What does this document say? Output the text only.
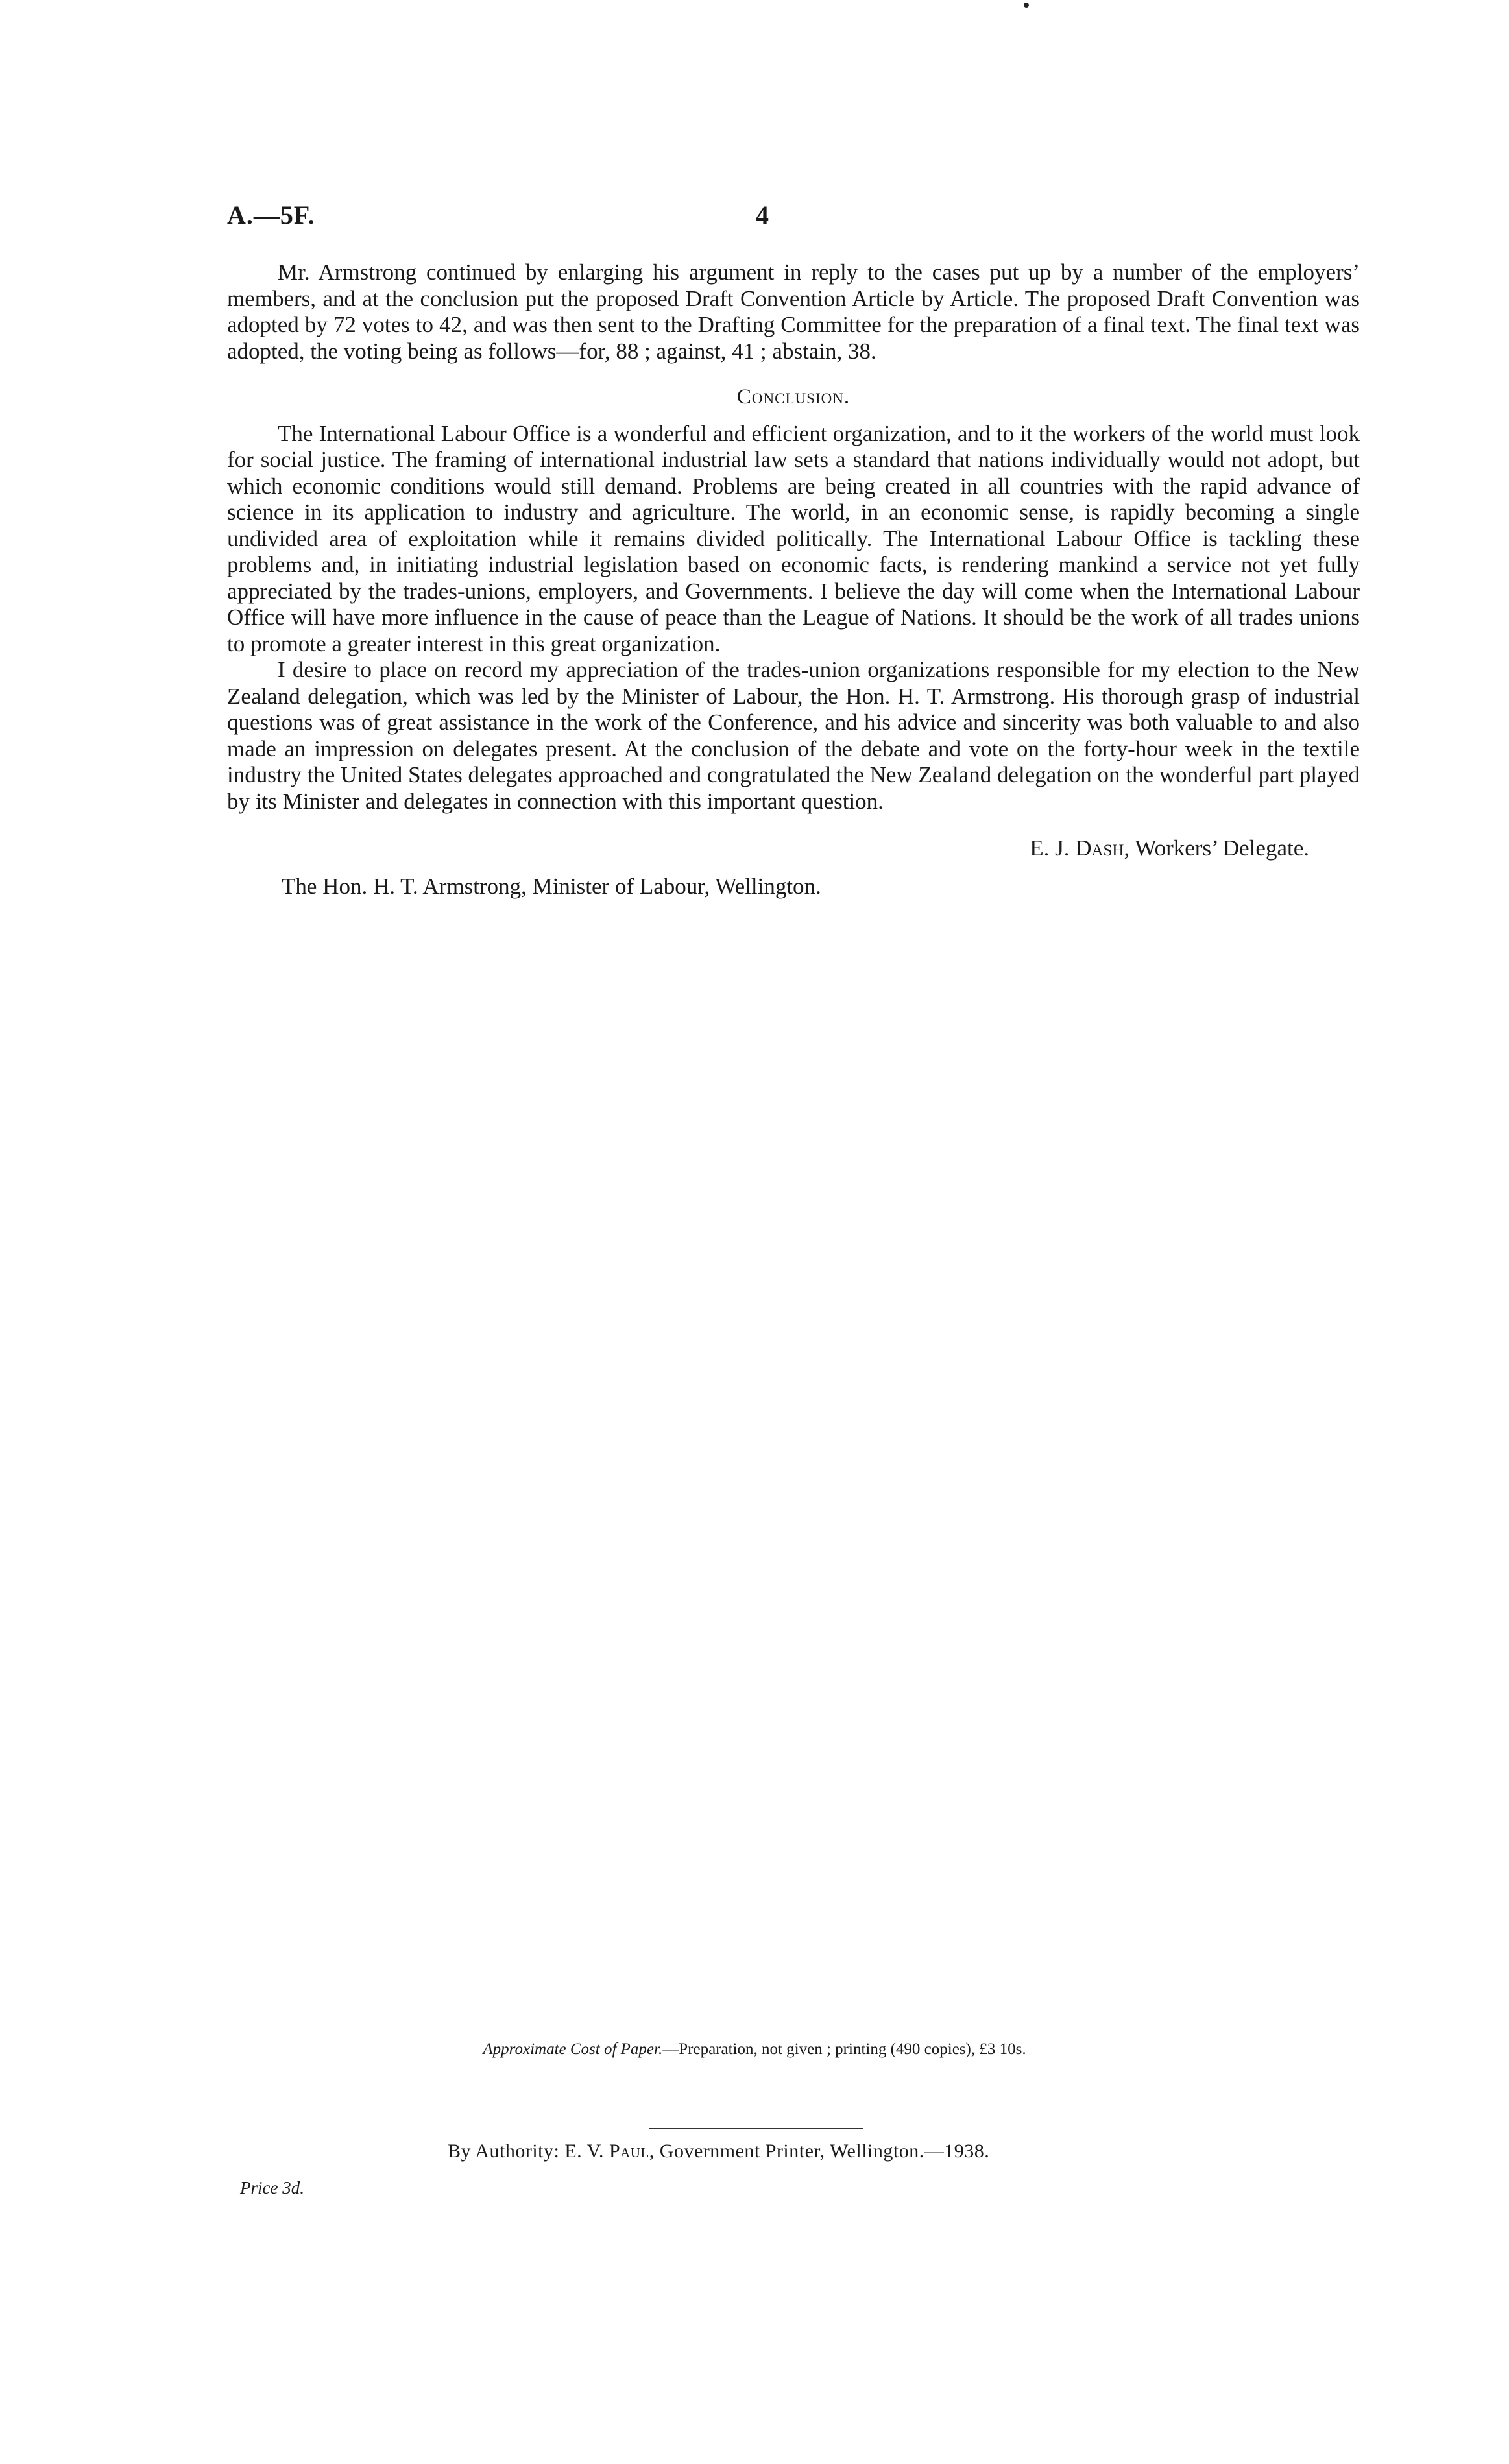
A.—5F.	4

Mr. Armstrong continued by enlarging his argument in reply to the cases put up by a number of the employers’ members, and at the conclusion put the proposed Draft Convention Article by Article. The proposed Draft Convention was adopted by 72 votes to 42, and was then sent to the Drafting Committee for the preparation of a final text. The final text was adopted, the voting being as follows—for, 88 ; against, 41 ; abstain, 38.

Conclusion.

The International Labour Office is a wonderful and efficient organization, and to it the workers of the world must look for social justice. The framing of international industrial law sets a standard that nations individually would not adopt, but which economic conditions would still demand. Problems are being created in all countries with the rapid advance of science in its application to industry and agriculture. The world, in an economic sense, is rapidly becoming a single undivided area of exploitation while it remains divided politically. The International Labour Office is tackling these problems and, in initiating industrial legislation based on economic facts, is rendering mankind a service not yet fully appreciated by the trades-unions, employers, and Governments. I believe the day will come when the International Labour Office will have more influence in the cause of peace than the League of Nations. It should be the work of all trades unions to promote a greater interest in this great organization.

I desire to place on record my appreciation of the trades-union organizations responsible for my election to the New Zealand delegation, which was led by the Minister of Labour, the Hon. H. T. Armstrong. His thorough grasp of industrial questions was of great assistance in the work of the Conference, and his advice and sincerity was both valuable to and also made an impression on delegates present. At the conclusion of the debate and vote on the forty-hour week in the textile industry the United States delegates approached and congratulated the New Zealand delegation on the wonderful part played by its Minister and delegates in connection with this important question.

E. J. Dash, Workers’ Delegate.

The Hon. H. T. Armstrong, Minister of Labour, Wellington.

Approximate Cost of Paper.—Preparation, not given ; printing (490 copies), £3 10s.
By Authority: E. V. Paul, Government Printer, Wellington.—1938.
Price 3d.
